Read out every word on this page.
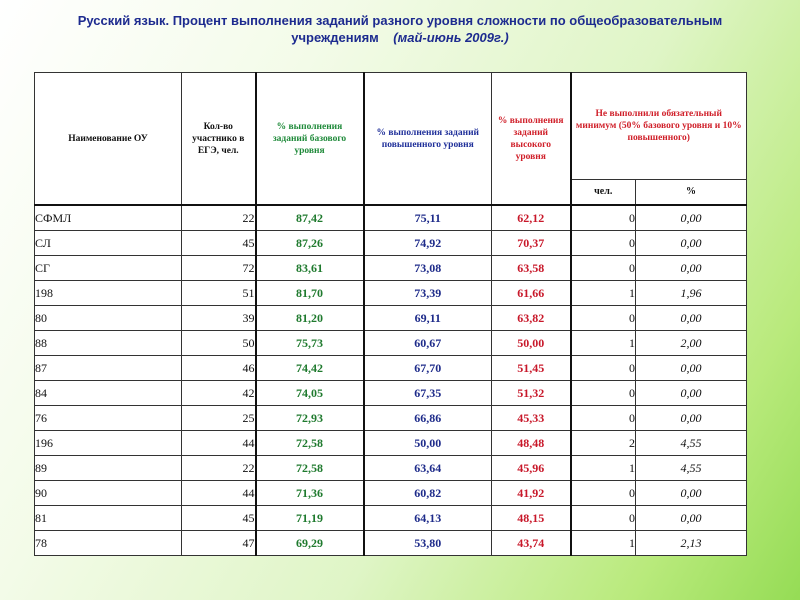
Русский язык. Процент выполнения заданий разного уровня сложности по общеобразовательным
учреждениям (май-июнь 2009г.)
Наименование ОУ	Кол-во участнико в ЕГЭ, чел.	% выполнения заданий базового уровня	% выполнения заданий повышенного уровня	% выполнения заданий высокого уровня	Не выполнили обязательный минимум (50% базового уровня и 10% повышенного)	
					чел.	%
СФМЛ	22	87,42	75,11	62,12	0	0,00
СЛ	45	87,26	74,92	70,37	0	0,00
СГ	72	83,61	73,08	63,58	0	0,00
198	51	81,70	73,39	61,66	1	1,96
80	39	81,20	69,11	63,82	0	0,00
88	50	75,73	60,67	50,00	1	2,00
87	46	74,42	67,70	51,45	0	0,00
84	42	74,05	67,35	51,32	0	0,00
76	25	72,93	66,86	45,33	0	0,00
196	44	72,58	50,00	48,48	2	4,55
89	22	72,58	63,64	45,96	1	4,55
90	44	71,36	60,82	41,92	0	0,00
81	45	71,19	64,13	48,15	0	0,00
78	47	69,29	53,80	43,74	1	2,13
